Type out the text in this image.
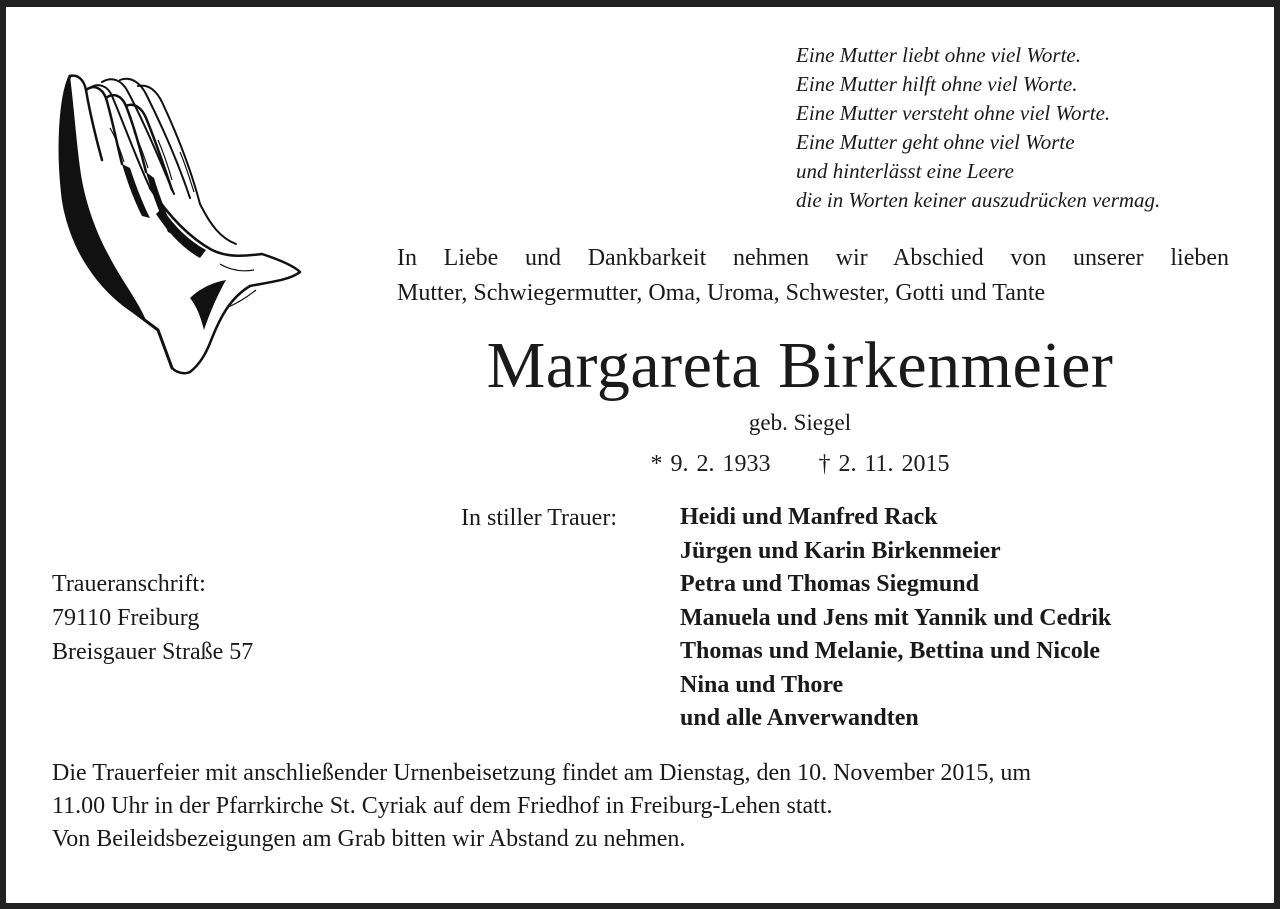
Eine Mutter liebt ohne viel Worte.
Eine Mutter hilft ohne viel Worte.
Eine Mutter versteht ohne viel Worte.
Eine Mutter geht ohne viel Worte
und hinterlässt eine Leere
die in Worten keiner auszudrücken vermag.
In Liebe und Dankbarkeit nehmen wir Abschied von unserer lieben
Mutter, Schwiegermutter, Oma, Uroma, Schwester, Gotti und Tante
Margareta Birkenmeier
geb. Siegel
* 9. 2. 1933 † 2. 11. 2015
In stiller Trauer:	Heidi und Manfred Rack
Jürgen und Karin Birkenmeier
Petra und Thomas Siegmund
Manuela und Jens mit Yannik und Cedrik
Thomas und Melanie, Bettina und Nicole
Nina und Thore
und alle Anverwandten
Traueranschrift:
79110 Freiburg
Breisgauer Straße 57
Die Trauerfeier mit anschließender Urnenbeisetzung findet am Dienstag, den 10. November 2015, um
11.00 Uhr in der Pfarrkirche St. Cyriak auf dem Friedhof in Freiburg-Lehen statt.
Von Beileidsbezeigungen am Grab bitten wir Abstand zu nehmen.
